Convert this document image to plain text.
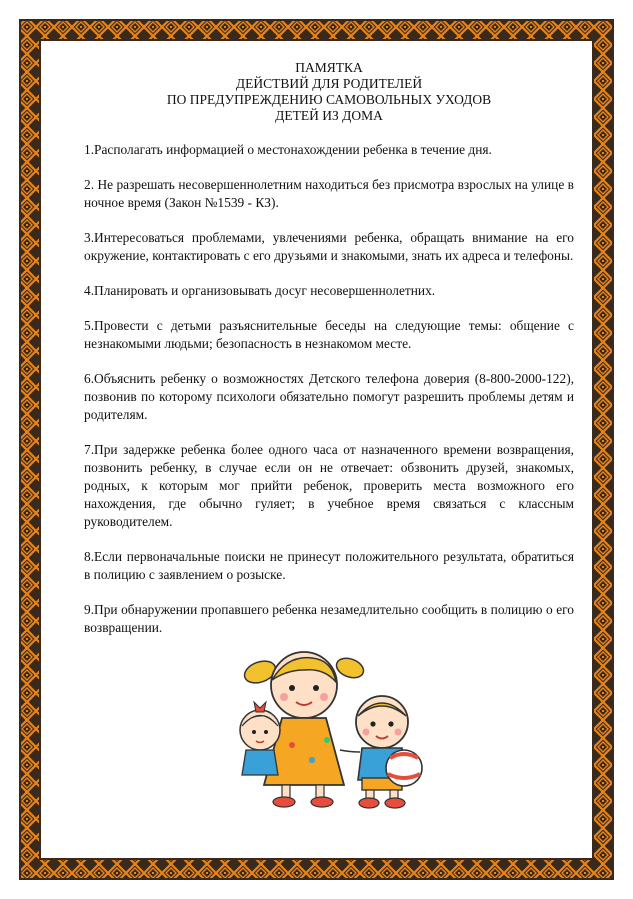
ПАМЯТКА
ДЕЙСТВИЙ ДЛЯ РОДИТЕЛЕЙ
ПО ПРЕДУПРЕЖДЕНИЮ САМОВОЛЬНЫХ УХОДОВ
ДЕТЕЙ ИЗ ДОМА

1.Располагать информацией о местонахождении ребенка в течение дня.

2. Не разрешать несовершеннолетним находиться без присмотра взрослых на улице в ночное время (Закон №1539 - КЗ).

3.Интересоваться проблемами, увлечениями ребенка, обращать внимание на его окружение, контактировать с его друзьями и знакомыми, знать их адреса и телефоны.

4.Планировать и организовывать досуг несовершеннолетних.

5.Провести с детьми разъяснительные беседы на следующие темы: общение с незнакомыми людьми; безопасность в незнакомом месте.

6.Объяснить ребенку о возможностях Детского телефона доверия (8-800-2000-122), позвонив по которому психологи обязательно помогут разрешить проблемы детям и родителям.

7.При задержке ребенка более одного часа от назначенного времени возвращения, позвонить ребенку, в случае если он не отвечает: обзвонить друзей, знакомых, родных, к которым мог прийти ребенок, проверить места возможного его нахождения, где обычно гуляет; в учебное время связаться с классным руководителем.

8.Если первоначальные поиски не принесут положительного результата, обратиться в полицию с заявлением о розыске.

9.При обнаружении пропавшего ребенка незамедлительно сообщить в полицию о его возвращении.
